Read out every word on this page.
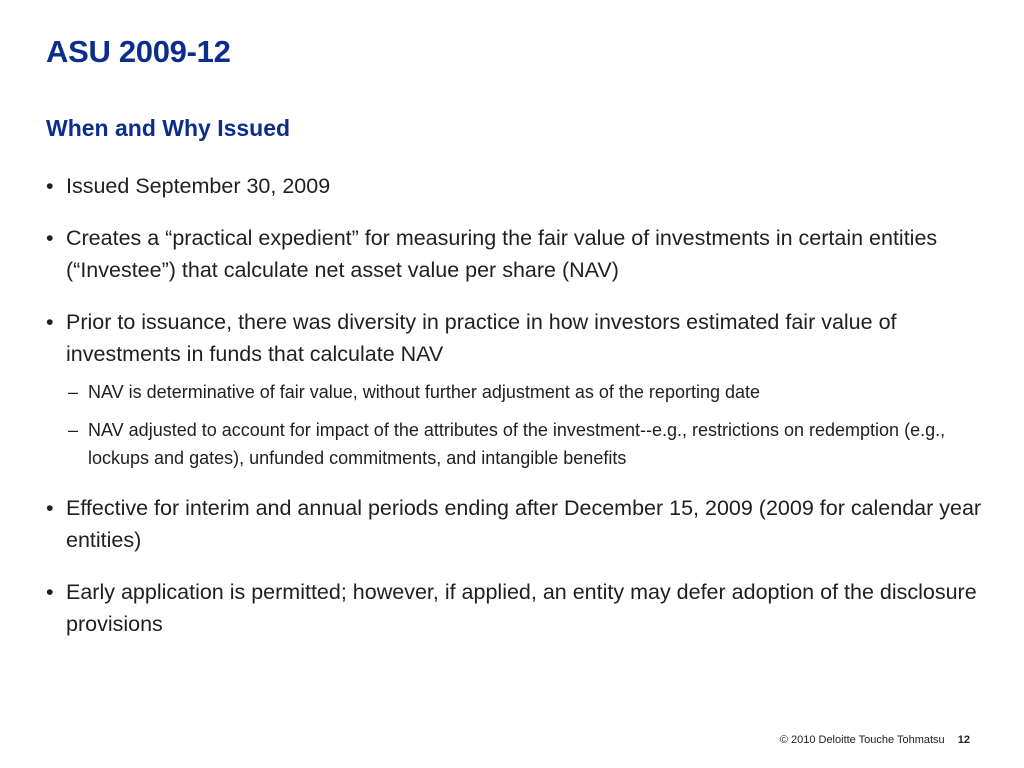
ASU 2009-12
When and Why Issued
• Issued September 30, 2009
• Creates a “practical expedient” for measuring the fair value of investments in certain entities (“Investee”) that calculate net asset value per share (NAV)
• Prior to issuance, there was diversity in practice in how investors estimated fair value of investments in funds that calculate NAV
– NAV is determinative of fair value, without further adjustment as of the reporting date
– NAV adjusted to account for impact of the attributes of the investment--e.g., restrictions on redemption (e.g., lockups and gates), unfunded commitments, and intangible benefits
• Effective for interim and annual periods ending after December 15, 2009 (2009 for calendar year entities)
• Early application is permitted; however, if applied, an entity may defer adoption of the disclosure provisions
© 2010 Deloitte Touche Tohmatsu 12
